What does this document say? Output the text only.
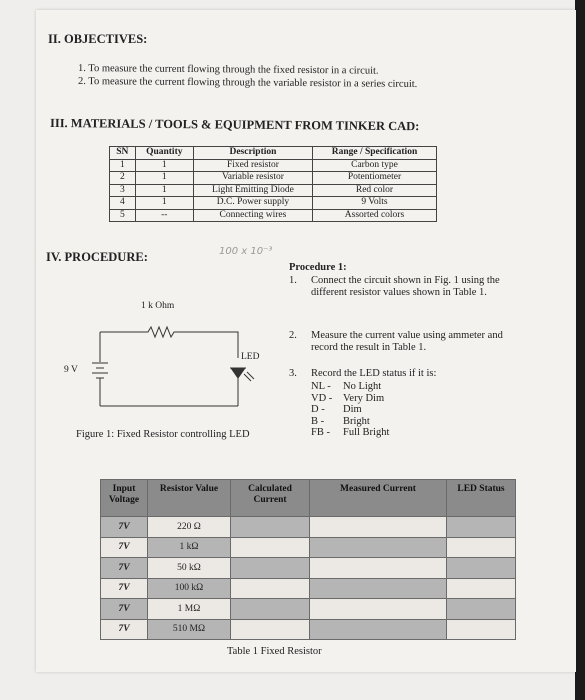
II. OBJECTIVES:
1. To measure the current flowing through the fixed resistor in a circuit.
2. To measure the current flowing through the variable resistor in a series circuit.
III. MATERIALS / TOOLS & EQUIPMENT FROM TINKER CAD:
SN	Quantity	Description	Range / Specification
1	1	Fixed resistor	Carbon type
2	1	Variable resistor	Potentiometer
3	1	Light Emitting Diode	Red color
4	1	D.C. Power supply	9 Volts
5	--	Connecting wires	Assorted colors
IV. PROCEDURE:	100 x 10⁻³
Procedure 1:
1. Connect the circuit shown in Fig. 1 using the different resistor values shown in Table 1.
2. Measure the current value using ammeter and record the result in Table 1.
3. Record the LED status if it is:
NL - No Light
VD - Very Dim
D - Dim
B - Bright
FB - Full Bright
1 k Ohm
LED
9 V
Figure 1: Fixed Resistor controlling LED
Input Voltage	Resistor Value	Calculated Current	Measured Current	LED Status
7V	220 Ω			
7V	1 kΩ			
7V	50 kΩ			
7V	100 kΩ			
7V	1 MΩ			
7V	510 MΩ			
Table 1 Fixed Resistor
